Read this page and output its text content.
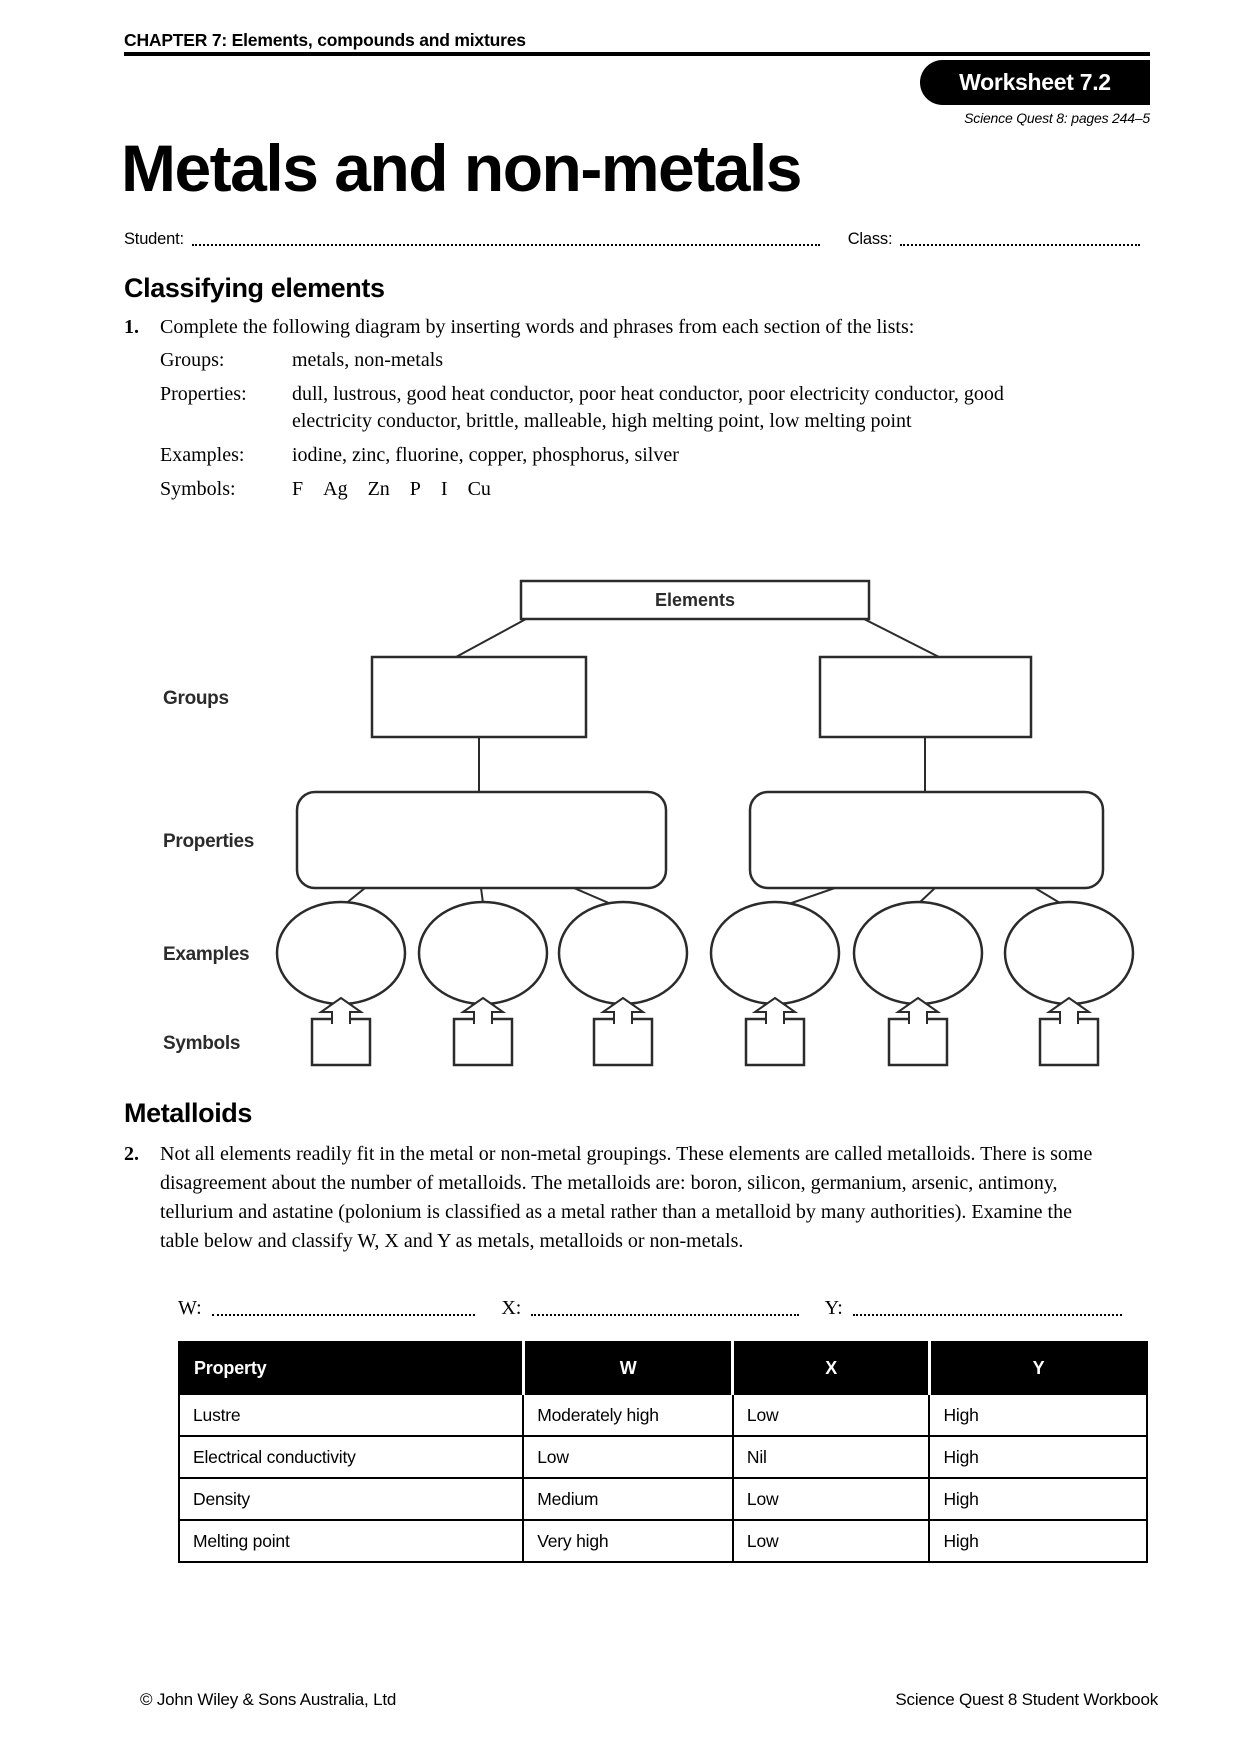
CHAPTER 7: Elements, compounds and mixtures
Worksheet 7.2
Science Quest 8: pages 244–5
Metals and non-metals
Student:	Class:
Classifying elements
1.	Complete the following diagram by inserting words and phrases from each section of the lists:
Groups:	metals, non-metals
Properties:	dull, lustrous, good heat conductor, poor heat conductor, poor electricity conductor, good electricity conductor, brittle, malleable, high melting point, low melting point
Examples:	iodine, zinc, fluorine, copper, phosphorus, silver
Symbols:	F  Ag  Zn  P  I  Cu
Groups
Properties
Examples
Symbols
Elements
Metalloids
2.	Not all elements readily fit in the metal or non-metal groupings. These elements are called metalloids. There is some disagreement about the number of metalloids. The metalloids are: boron, silicon, germanium, arsenic, antimony, tellurium and astatine (polonium is classified as a metal rather than a metalloid by many authorities). Examine the table below and classify W, X and Y as metals, metalloids or non-metals.
W:	X:	Y:
Property	W	X	Y
Lustre	Moderately high	Low	High
Electrical conductivity	Low	Nil	High
Density	Medium	Low	High
Melting point	Very high	Low	High
© John Wiley & Sons Australia, Ltd	Science Quest 8 Student Workbook
